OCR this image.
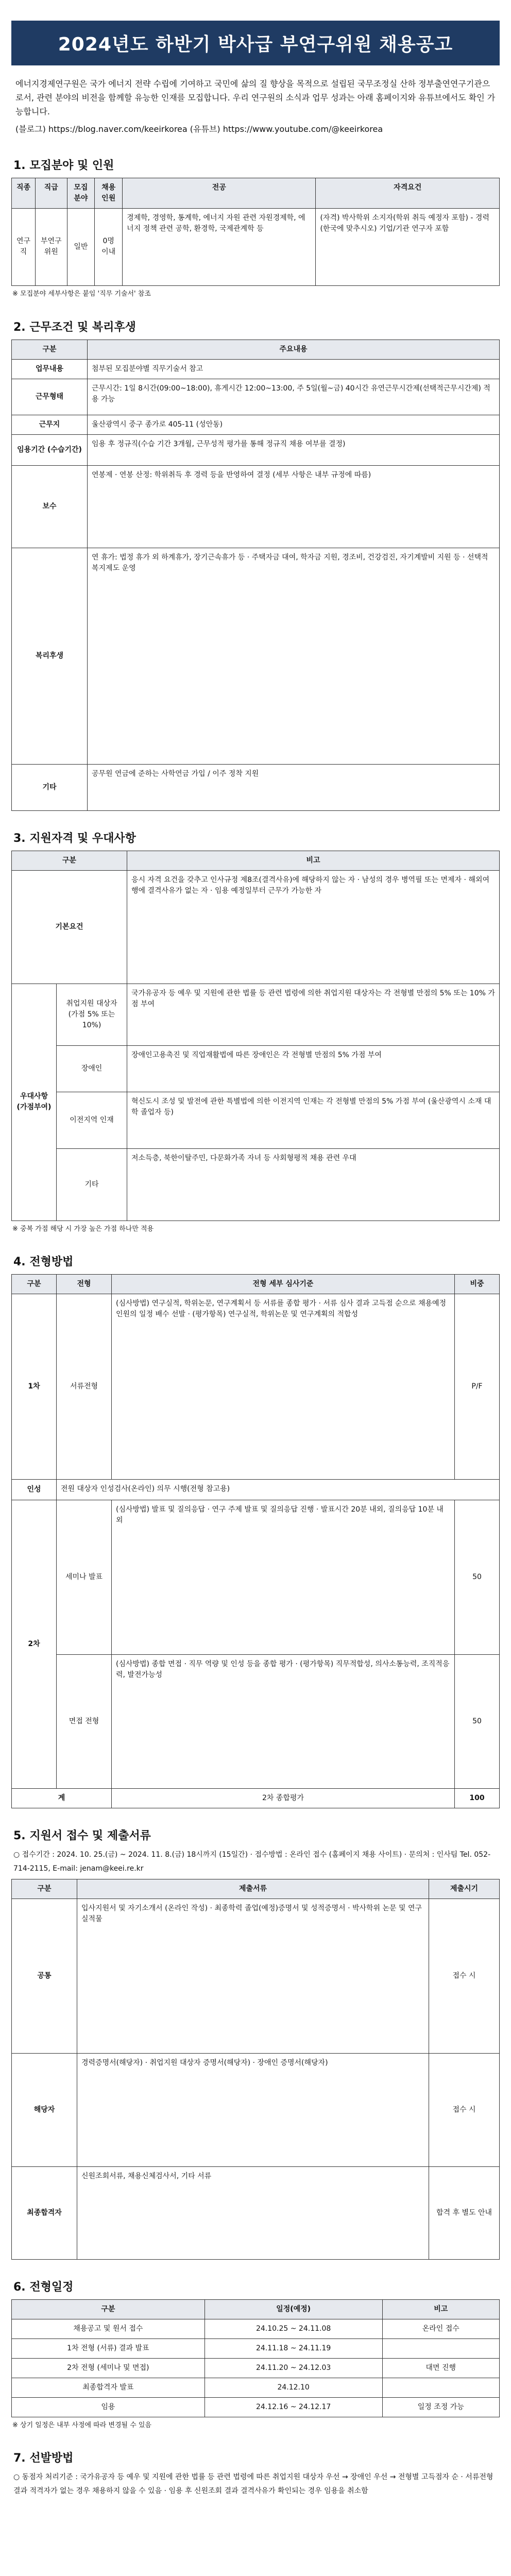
2024년도 하반기 박사급 부연구위원 채용공고
에너지경제연구원은 국가 에너지 전략 수립에 기여하고 국민에 삶의 질 향상을 목적으로 설립된 국무조정실 산하 정부출연연구기관으로서, 관련 분야의 비전을 함께할 유능한 인재를 모집합니다. 우리 연구원의 소식과 업무 성과는 아래 홈페이지와 유튜브에서도 확인 가능합니다.
(블로그) https://blog.naver.com/keeirkorea (유튜브) https://www.youtube.com/@keeirkorea
1. 모집분야 및 인원
직종	직급	모집분야	채용인원	전공	자격요건
연구직	부연구위원	일반	0명 이내	경제학, 경영학, 통계학, 에너지 자원 관련 자원경제학, 에너지 정책 관련 공학, 환경학, 국제관계학 등	(자격) 박사학위 소지자(학위 취득 예정자 포함) - 경력(한국에 맞추시오) 기업/기관 연구자 포함
※ 모집분야 세부사항은 붙임 '직무 기술서' 참조
2. 근무조건 및 복리후생
구분	주요내용
업무내용	첨부된 모집분야별 직무기술서 참고
근무형태	근무시간: 1일 8시간(09:00~18:00), 휴게시간 12:00~13:00, 주 5일(월~금) 40시간 유연근무시간제(선택적근무시간제) 적용 가능
근무지	울산광역시 중구 종가로 405-11 (성안동)
임용기간 (수습기간)	임용 후 정규직(수습 기간 3개월, 근무성적 평가를 통해 정규직 채용 여부를 결정)
보수	연봉제 · 연봉 산정: 학위취득 후 경력 등을 반영하여 결정 (세부 사항은 내부 규정에 따름)
복리후생	연 휴가: 법정 휴가 외 하계휴가, 장기근속휴가 등 · 주택자금 대여, 학자금 지원, 경조비, 건강검진, 자기계발비 지원 등 · 선택적복지제도 운영
기타	공무원 연금에 준하는 사학연금 가입 / 이주 정착 지원
3. 지원자격 및 우대사항
구분		비고
기본요건		응시 자격 요건을 갖추고 인사규정 제8조(결격사유)에 해당하지 않는 자 · 남성의 경우 병역필 또는 면제자 · 해외여행에 결격사유가 없는 자 · 임용 예정일부터 근무가 가능한 자
우대사항 (가점부여)	취업지원 대상자 (가점 5% 또는 10%)	국가유공자 등 예우 및 지원에 관한 법률 등 관련 법령에 의한 취업지원 대상자는 각 전형별 만점의 5% 또는 10% 가점 부여
	장애인	장애인고용촉진 및 직업재활법에 따른 장애인은 각 전형별 만점의 5% 가점 부여
	이전지역 인재	혁신도시 조성 및 발전에 관한 특별법에 의한 이전지역 인재는 각 전형별 만점의 5% 가점 부여 (울산광역시 소재 대학 졸업자 등)
	기타	저소득층, 북한이탈주민, 다문화가족 자녀 등 사회형평적 채용 관련 우대
※ 중복 가점 해당 시 가장 높은 가점 하나만 적용
4. 전형방법
구분	전형	전형 세부 심사기준	비중
1차	서류전형	(심사방법) 연구실적, 학위논문, 연구계획서 등 서류를 종합 평가 · 서류 심사 결과 고득점 순으로 채용예정인원의 일정 배수 선발 · (평가항목) 연구실적, 학위논문 및 연구계획의 적합성	P/F
인성	전원 대상자 인성검사(온라인) 의무 시행(전형 참고용)		
2차	세미나 발표	(심사방법) 발표 및 질의응답 · 연구 주제 발표 및 질의응답 진행 · 발표시간 20분 내외, 질의응답 10분 내외	50
	면접 전형	(심사방법) 종합 면접 · 직무 역량 및 인성 등을 종합 평가 · (평가항목) 직무적합성, 의사소통능력, 조직적응력, 발전가능성	50
계		2차 종합평가	100
5. 지원서 접수 및 제출서류
○ 접수기간 : 2024. 10. 25.(금) ~ 2024. 11. 8.(금) 18시까지 (15일간) · 접수방법 : 온라인 접수 (홈페이지 채용 사이트) · 문의처 : 인사팀 Tel. 052-714-2115, E-mail: jenam@keei.re.kr
구분	제출서류	제출시기
공통	입사지원서 및 자기소개서 (온라인 작성) · 최종학력 졸업(예정)증명서 및 성적증명서 · 박사학위 논문 및 연구실적물	접수 시
해당자	경력증명서(해당자) · 취업지원 대상자 증명서(해당자) · 장애인 증명서(해당자)	접수 시
최종합격자	신원조회서류, 채용신체검사서, 기타 서류	합격 후 별도 안내
6. 전형일정
구분	일정(예정)	비고
채용공고 및 원서 접수	24.10.25 ~ 24.11.08	온라인 접수
1차 전형 (서류) 결과 발표	24.11.18 ~ 24.11.19	
2차 전형 (세미나 및 면접)	24.11.20 ~ 24.12.03	대면 진행
최종합격자 발표	24.12.10	
임용	24.12.16 ~ 24.12.17	일정 조정 가능
※ 상기 일정은 내부 사정에 따라 변경될 수 있음
7. 선발방법
○ 동점자 처리기준 : 국가유공자 등 예우 및 지원에 관한 법률 등 관련 법령에 따른 취업지원 대상자 우선 → 장애인 우선 → 전형별 고득점자 순 · 서류전형 결과 적격자가 없는 경우 채용하지 않을 수 있음 · 임용 후 신원조회 결과 결격사유가 확인되는 경우 임용을 취소함
